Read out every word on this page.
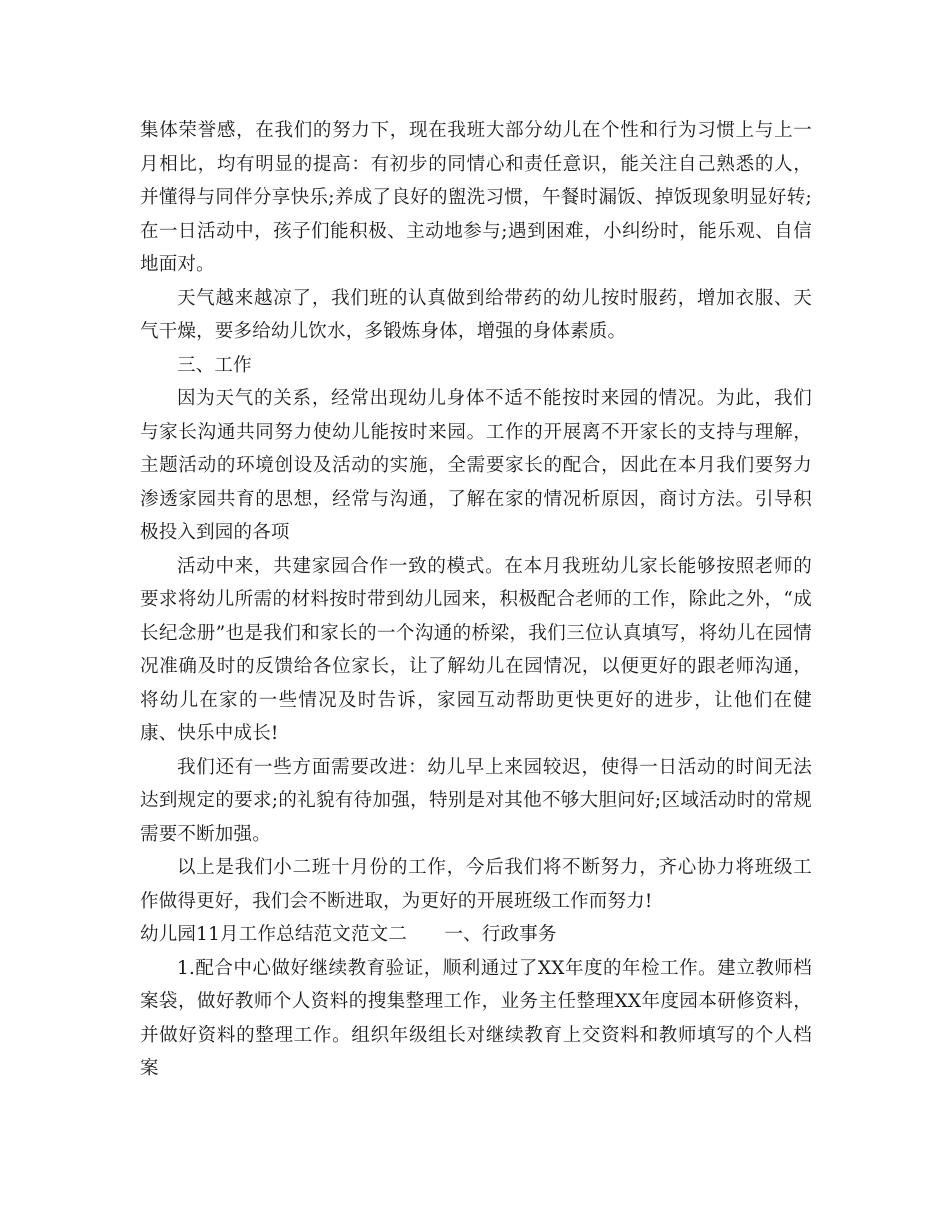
集体荣誉感，在我们的努力下，现在我班大部分幼儿在个性和行为习惯上与上一月相比，均有明显的提高：有初步的同情心和责任意识，能关注自己熟悉的人，并懂得与同伴分享快乐;养成了良好的盥洗习惯，午餐时漏饭、掉饭现象明显好转;在一日活动中，孩子们能积极、主动地参与;遇到困难，小纠纷时，能乐观、自信地面对。

天气越来越凉了，我们班的认真做到给带药的幼儿按时服药，增加衣服、天气干燥，要多给幼儿饮水，多锻炼身体，增强的身体素质。

三、工作

因为天气的关系，经常出现幼儿身体不适不能按时来园的情况。为此，我们与家长沟通共同努力使幼儿能按时来园。工作的开展离不开家长的支持与理解，主题活动的环境创设及活动的实施，全需要家长的配合，因此在本月我们要努力渗透家园共育的思想，经常与沟通，了解在家的情况析原因，商讨方法。引导积极投入到园的各项

活动中来，共建家园合作一致的模式。在本月我班幼儿家长能够按照老师的要求将幼儿所需的材料按时带到幼儿园来，积极配合老师的工作，除此之外，“成长纪念册”也是我们和家长的一个沟通的桥梁，我们三位认真填写，将幼儿在园情况准确及时的反馈给各位家长，让了解幼儿在园情况，以便更好的跟老师沟通，将幼儿在家的一些情况及时告诉，家园互动帮助更快更好的进步，让他们在健康、快乐中成长!

我们还有一些方面需要改进：幼儿早上来园较迟，使得一日活动的时间无法达到规定的要求;的礼貌有待加强，特别是对其他不够大胆问好;区域活动时的常规需要不断加强。

以上是我们小二班十月份的工作，今后我们将不断努力，齐心协力将班级工作做得更好，我们会不断进取，为更好的开展班级工作而努力!

幼儿园11月工作总结范文范文二　　一、行政事务

1.配合中心做好继续教育验证，顺利通过了XX年度的年检工作。建立教师档案袋，做好教师个人资料的搜集整理工作，业务主任整理XX年度园本研修资料，并做好资料的整理工作。组织年级组长对继续教育上交资料和教师填写的个人档案
